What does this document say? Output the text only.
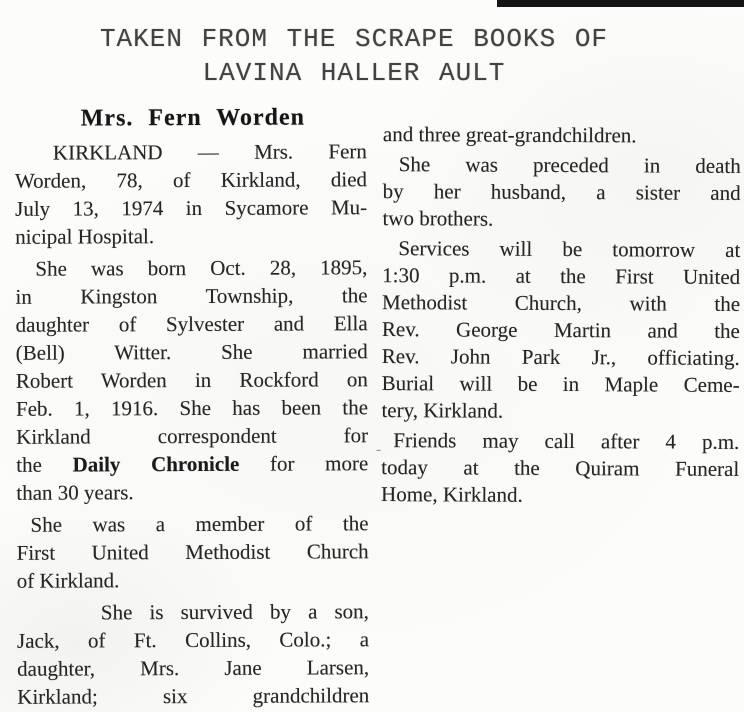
TAKEN FROM THE SCRAPE BOOKS OF
LAVINA HALLER AULT
Mrs. Fern Worden
KIRKLAND — Mrs. Fern
Worden, 78, of Kirkland, died
July 13, 1974 in Sycamore Mu-
nicipal Hospital.
She was born Oct. 28, 1895,
in Kingston Township, the
daughter of Sylvester and Ella
(Bell) Witter. She married
Robert Worden in Rockford on
Feb. 1, 1916. She has been the
Kirkland correspondent for
the Daily Chronicle for more
than 30 years.
She was a member of the
First United Methodist Church
of Kirkland.
She is survived by a son,
Jack, of Ft. Collins, Colo.; a
daughter, Mrs. Jane Larsen,
Kirkland; six grandchildren
and three great-grandchildren.
She was preceded in death
by her husband, a sister and
two brothers.
Services will be tomorrow at
1:30 p.m. at the First United
Methodist Church, with the
Rev. George Martin and the
Rev. John Park Jr., officiating.
Burial will be in Maple Ceme-
tery, Kirkland.
Friends may call after 4 p.m.
today at the Quiram Funeral
Home, Kirkland.
-
